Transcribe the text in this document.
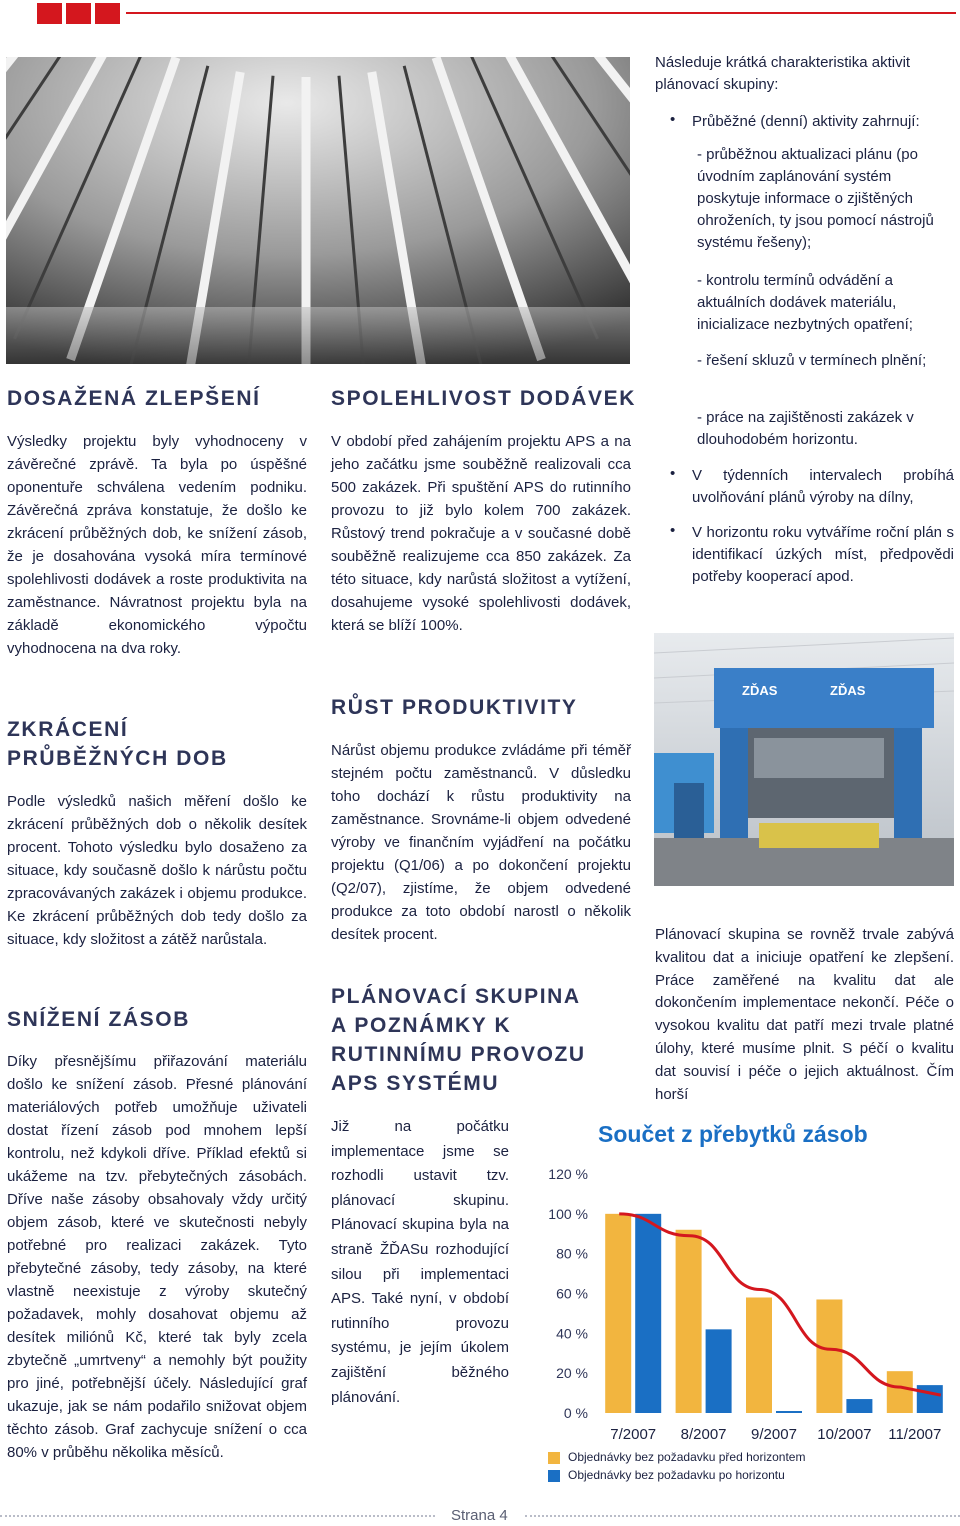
Následuje krátká charakteristika aktivit plánovací skupiny:

• Průběžné (denní) aktivity zahrnují:

- průběžnou aktualizaci plánu (po úvodním zaplánování systém poskytuje informace o zjištěných ohroženích, ty jsou pomocí nástrojů systému řešeny);

- kontrolu termínů odvádění a aktuálních dodávek materiálu, inicializace nezbytných opatření;

- řešení skluzů v termínech plnění;

- práce na zajištěnosti zakázek v dlouhodobém horizontu.

• V týdenních intervalech probíhá uvolňování plánů výroby na dílny,

• V horizontu roku vytváříme roční plán s identifikací úzkých míst, předpovědi potřeby kooperací apod.

ZĎAS	ZĎAS
DOSAŽENÁ ZLEPŠENÍ

Výsledky projektu byly vyhodnoceny v závěrečné zprávě. Ta byla po úspěšné oponentuře schválena vedením podniku. Závěrečná zpráva konstatuje, že došlo ke zkrácení průběžných dob, ke snížení zásob, že je dosahována vysoká míra termínové spolehlivosti dodávek a roste produktivita na zaměstnance. Návratnost projektu byla na základě ekonomického výpočtu vyhodnocena na dva roky.

ZKRÁCENÍ
PRŮBĚŽNÝCH DOB

Podle výsledků našich měření došlo ke zkrácení průběžných dob o několik desítek procent. Tohoto výsledku bylo dosaženo za situace, kdy současně došlo k nárůstu počtu zpracovávaných zakázek i objemu produkce. Ke zkrácení průběžných dob tedy došlo za situace, kdy složitost a zátěž narůstala.

SNÍŽENÍ ZÁSOB

Díky přesnějšímu přiřazování materiálu došlo ke snížení zásob. Přesné plánování materiálových potřeb umožňuje uživateli dostat řízení zásob pod mnohem lepší kontrolu, než kdykoli dříve. Příklad efektů si ukážeme na tzv. přebytečných zásobách. Dříve naše zásoby obsahovaly vždy určitý objem zásob, které ve skutečnosti nebyly potřebné pro realizaci zakázek. Tyto přebytečné zásoby, tedy zásoby, na které vlastně neexistuje z výroby skutečný požadavek, mohly dosahovat objemu až desítek miliónů Kč, které tak byly zcela zbytečně „umrtveny“ a nemohly být použity pro jiné, potřebnější účely. Následující graf ukazuje, jak se nám podařilo snižovat objem těchto zásob. Graf zachycuje snížení o cca 80% v průběhu několika měsíců.

SPOLEHLIVOST DODÁVEK

V období před zahájením projektu APS a na jeho začátku jsme souběžně realizovali cca 500 zakázek. Při spuštění APS do rutinního provozu to již bylo kolem 700 zakázek. Růstový trend pokračuje a v současné době souběžně realizujeme cca 850 zakázek. Za této situace, kdy narůstá složitost a vytížení, dosahujeme vysoké spolehlivosti dodávek, která se blíží 100%.

RŮST PRODUKTIVITY

Nárůst objemu produkce zvládáme při téměř stejném počtu zaměstnanců. V důsledku toho dochází k růstu produktivity na zaměstnance. Srovnáme-li objem odvedené výroby ve finančním vyjádření na počátku projektu (Q1/06) a po dokončení projektu (Q2/07), zjistíme, že objem odvedené produkce za toto období narostl o několik desítek procent.

PLÁNOVACÍ SKUPINA
A POZNÁMKY K
RUTINNÍMU PROVOZU
APS SYSTÉMU

Již na počátku implementace jsme se rozhodli ustavit tzv. plánovací skupinu. Plánovací skupina byla na straně ŽĎASu rozhodující silou při implementaci APS. Také nyní, v období rutinního provozu systému, je jejím úkolem zajištění běžného plánování.

Plánovací skupina se rovněž trvale zabývá kvalitou dat a iniciuje opatření ke zlepšení. Práce zaměřené na kvalitu dat ale dokončením implementace nekončí. Péče o vysokou kvalitu dat patří mezi trvale platné úlohy, které musíme plnit. S péčí o kvalitu dat souvisí i péče o jejich aktuálnost. Čím horší

Součet z přebytků zásob
0 %
20 %
40 %
60 %
80 %
100 %
120 %
7/2007 8/2007 9/2007 10/2007 11/2007
Objednávky bez požadavku před horizontem
Objednávky bez požadavku po horizontu
Strana 4
